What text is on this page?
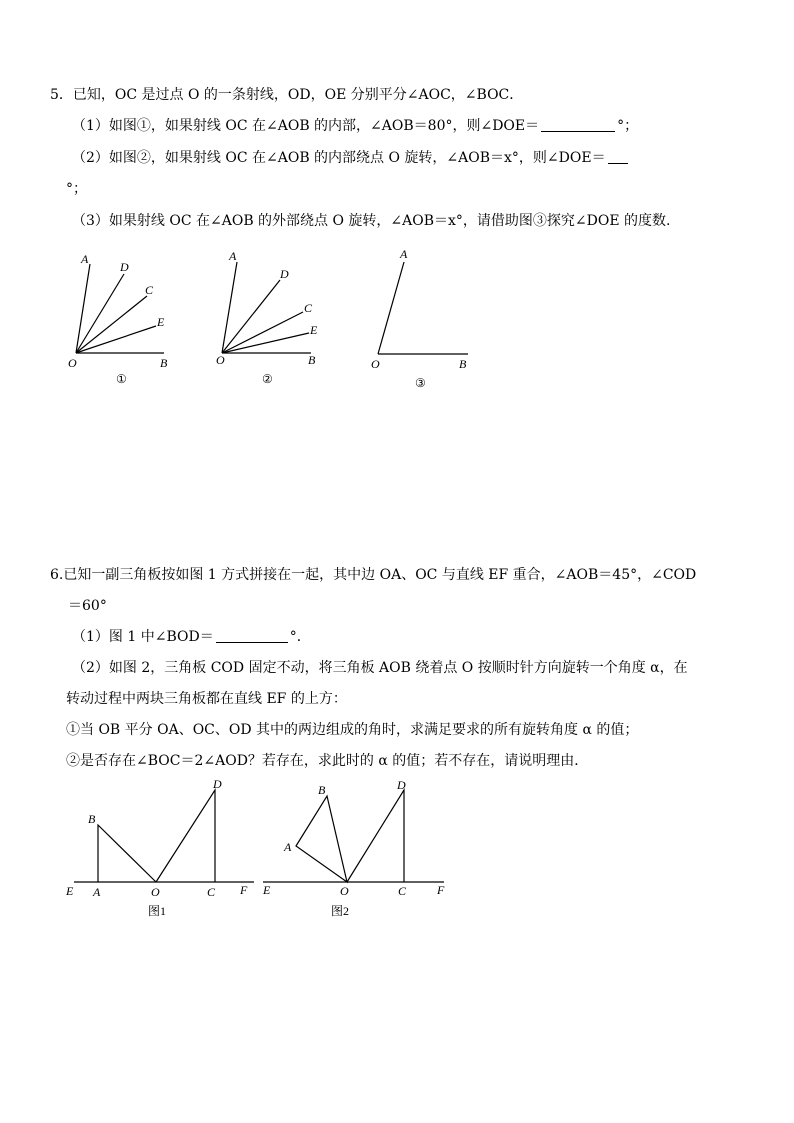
5．已知，OC 是过点 O 的一条射线，OD，OE 分别平分∠AOC，∠BOC．
（1）如图①，如果射线 OC 在∠AOB 的内部，∠AOB＝80°，则∠DOE＝	°；
（2）如图②，如果射线 OC 在∠AOB 的内部绕点 O 旋转，∠AOB＝x°，则∠DOE＝
°；
（3）如果射线 OC 在∠AOB 的外部绕点 O 旋转，∠AOB＝x°，请借助图③探究∠DOE 的度数.
A
D
C
E
O	B
①
A
D
C
E
O	B
②
A
O	B
③
6.已知一副三角板按如图 1 方式拼接在一起，其中边 OA、OC 与直线 EF 重合，∠AOB＝45°，∠COD
＝60°
（1）图 1 中∠BOD＝	°．
（2）如图 2，三角板 COD 固定不动，将三角板 AOB 绕着点 O 按顺时针方向旋转一个角度 α，在
转动过程中两块三角板都在直线 EF 的上方：
①当 OB 平分 OA、OC、OD 其中的两边组成的角时，求满足要求的所有旋转角度 α 的值；
②是否存在∠BOC＝2∠AOD？若存在，求此时的 α 的值；若不存在，请说明理由．
B
D
E A	O	C F
图1
B	D
A
E	O	C	F
图2
